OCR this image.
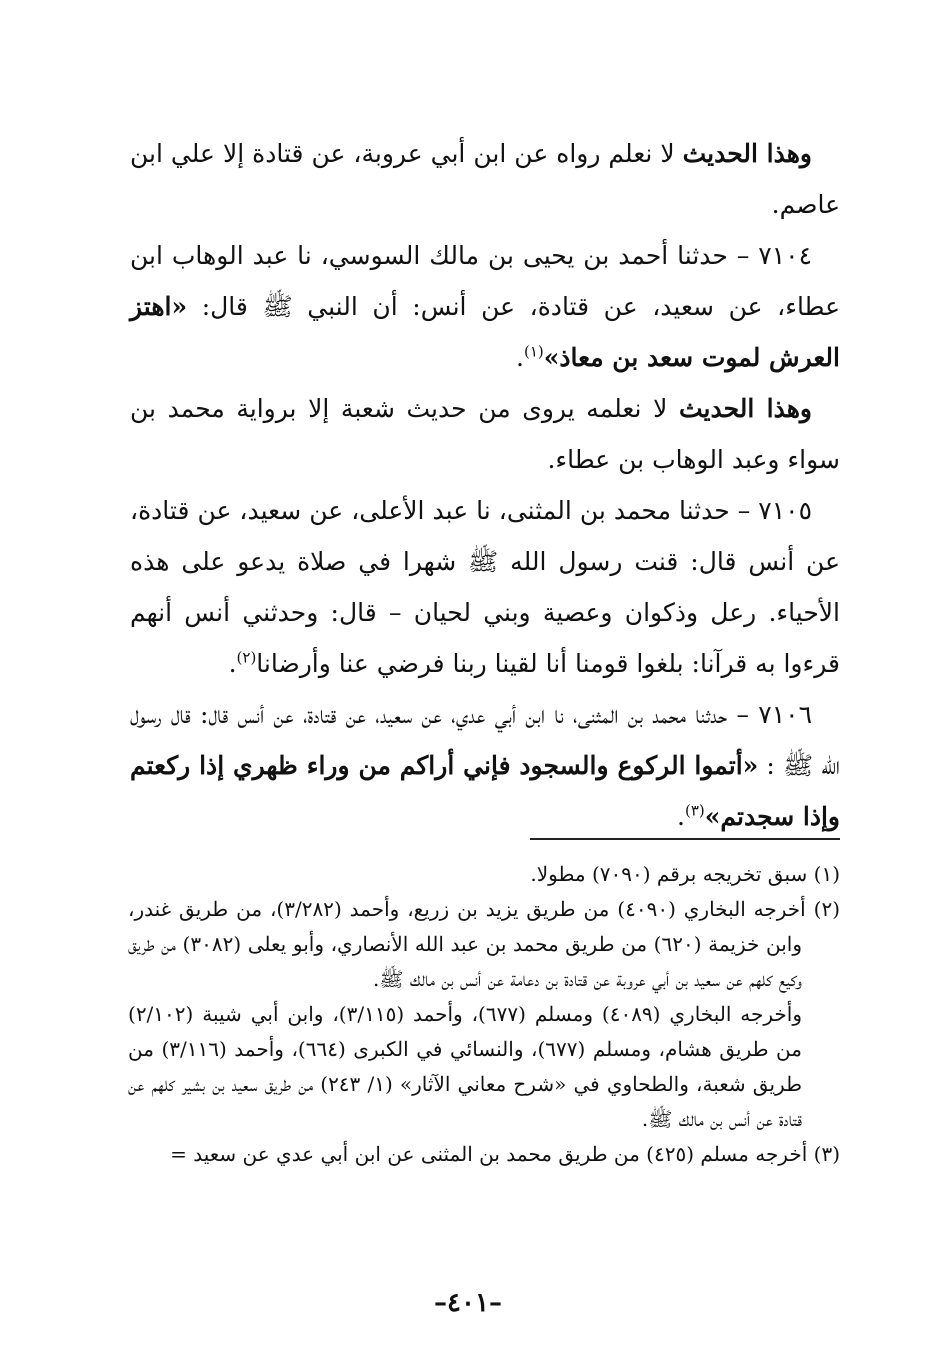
وهذا الحديث لا نعلم رواه عن ابن أبي عروبة، عن قتادة إلا علي ابن عاصم.

٧١٠٤ – حدثنا أحمد بن يحيى بن مالك السوسي، نا عبد الوهاب ابن عطاء، عن سعيد، عن قتادة، عن أنس: أن النبي ﷺ قال: «اهتز العرش لموت سعد بن معاذ»$^{(١)}$.

وهذا الحديث لا نعلمه يروى من حديث شعبة إلا برواية محمد بن سواء وعبد الوهاب بن عطاء.

٧١٠٥ – حدثنا محمد بن المثنى، نا عبد الأعلى، عن سعيد، عن قتادة، عن أنس قال: قنت رسول الله ﷺ شهرا في صلاة يدعو على هذه الأحياء. رعل وذكوان وعصية وبني لحيان – قال: وحدثني أنس أنهم قرءوا به قرآنا: بلغوا قومنا أنا لقينا ربنا فرضي عنا وأرضانا$^{(٢)}$.

٧١٠٦ – حدثنا محمد بن المثنى، نا ابن أبي عدي، عن سعيد، عن قتادة، عن أنس قال: قال رسول الله ﷺ : «أتموا الركوع والسجود فإني أراكم من وراء ظهري إذا ركعتم وإذا سجدتم»$^{(٣)}$.

(١) سبق تخريجه برقم (٧٠٩٠) مطولا.

(٢) أخرجه البخاري (٤٠٩٠) من طريق يزيد بن زريع، وأحمد (٣/٢٨٢)، من طريق غندر، وابن خزيمة (٦٢٠) من طريق محمد بن عبد الله الأنصاري، وأبو يعلى (٣٠٨٢) من طريق وكيع كلهم عن سعيد بن أبي عروبة عن قتادة بن دعامة عن أنس بن مالك ﷺ.

وأخرجه البخاري (٤٠٨٩) ومسلم (٦٧٧)، وأحمد (٣/١١٥)، وابن أبي شيبة (٢/١٠٢) من طريق هشام، ومسلم (٦٧٧)، والنسائي في الكبرى (٦٦٤)، وأحمد (٣/١١٦) من طريق شعبة، والطحاوي في «شرح معاني الآثار» (١/ ٢٤٣) من طريق سعيد بن بشير كلهم عن قتادة عن أنس بن مالك ﷺ.

(٣) أخرجه مسلم (٤٢٥) من طريق محمد بن المثنى عن ابن أبي عدي عن سعيد =

–٤٠١–
